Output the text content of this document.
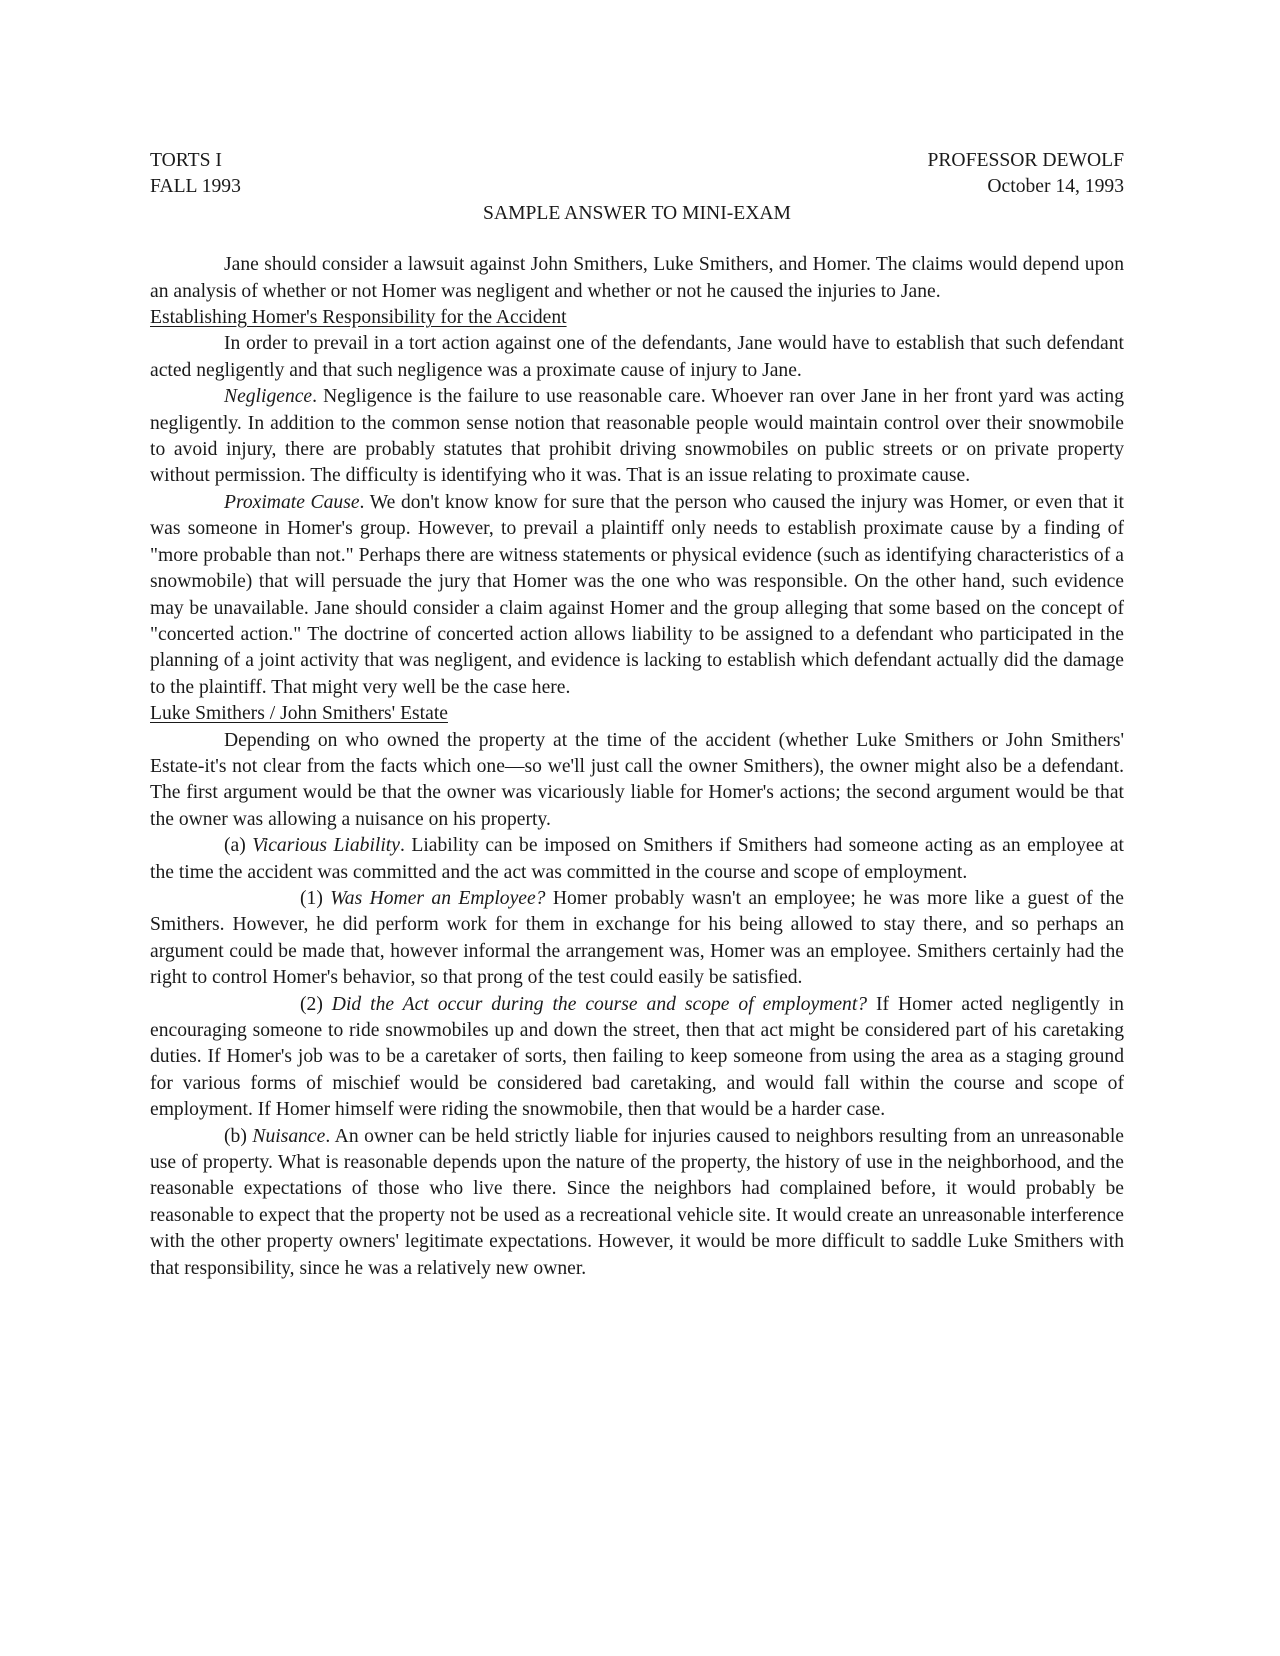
TORTS I	PROFESSOR DEWOLF
FALL 1993	October 14, 1993
SAMPLE ANSWER TO MINI-EXAM

Jane should consider a lawsuit against John Smithers, Luke Smithers, and Homer. The claims would depend upon an analysis of whether or not Homer was negligent and whether or not he caused the injuries to Jane.

Establishing Homer's Responsibility for the Accident

In order to prevail in a tort action against one of the defendants, Jane would have to establish that such defendant acted negligently and that such negligence was a proximate cause of injury to Jane.

Negligence. Negligence is the failure to use reasonable care. Whoever ran over Jane in her front yard was acting negligently. In addition to the common sense notion that reasonable people would maintain control over their snowmobile to avoid injury, there are probably statutes that prohibit driving snowmobiles on public streets or on private property without permission. The difficulty is identifying who it was. That is an issue relating to proximate cause.

Proximate Cause. We don't know know for sure that the person who caused the injury was Homer, or even that it was someone in Homer's group. However, to prevail a plaintiff only needs to establish proximate cause by a finding of "more probable than not." Perhaps there are witness statements or physical evidence (such as identifying characteristics of a snowmobile) that will persuade the jury that Homer was the one who was responsible. On the other hand, such evidence may be unavailable. Jane should consider a claim against Homer and the group alleging that some based on the concept of "concerted action." The doctrine of concerted action allows liability to be assigned to a defendant who participated in the planning of a joint activity that was negligent, and evidence is lacking to establish which defendant actually did the damage to the plaintiff. That might very well be the case here.

Luke Smithers / John Smithers' Estate

Depending on who owned the property at the time of the accident (whether Luke Smithers or John Smithers' Estate-it's not clear from the facts which one—so we'll just call the owner Smithers), the owner might also be a defendant. The first argument would be that the owner was vicariously liable for Homer's actions; the second argument would be that the owner was allowing a nuisance on his property.

(a) Vicarious Liability. Liability can be imposed on Smithers if Smithers had someone acting as an employee at the time the accident was committed and the act was committed in the course and scope of employment.

(1) Was Homer an Employee? Homer probably wasn't an employee; he was more like a guest of the Smithers. However, he did perform work for them in exchange for his being allowed to stay there, and so perhaps an argument could be made that, however informal the arrangement was, Homer was an employee. Smithers certainly had the right to control Homer's behavior, so that prong of the test could easily be satisfied.

(2) Did the Act occur during the course and scope of employment? If Homer acted negligently in encouraging someone to ride snowmobiles up and down the street, then that act might be considered part of his caretaking duties. If Homer's job was to be a caretaker of sorts, then failing to keep someone from using the area as a staging ground for various forms of mischief would be considered bad caretaking, and would fall within the course and scope of employment. If Homer himself were riding the snowmobile, then that would be a harder case.

(b) Nuisance. An owner can be held strictly liable for injuries caused to neighbors resulting from an unreasonable use of property. What is reasonable depends upon the nature of the property, the history of use in the neighborhood, and the reasonable expectations of those who live there. Since the neighbors had complained before, it would probably be reasonable to expect that the property not be used as a recreational vehicle site. It would create an unreasonable interference with the other property owners' legitimate expectations. However, it would be more difficult to saddle Luke Smithers with that responsibility, since he was a relatively new owner.
